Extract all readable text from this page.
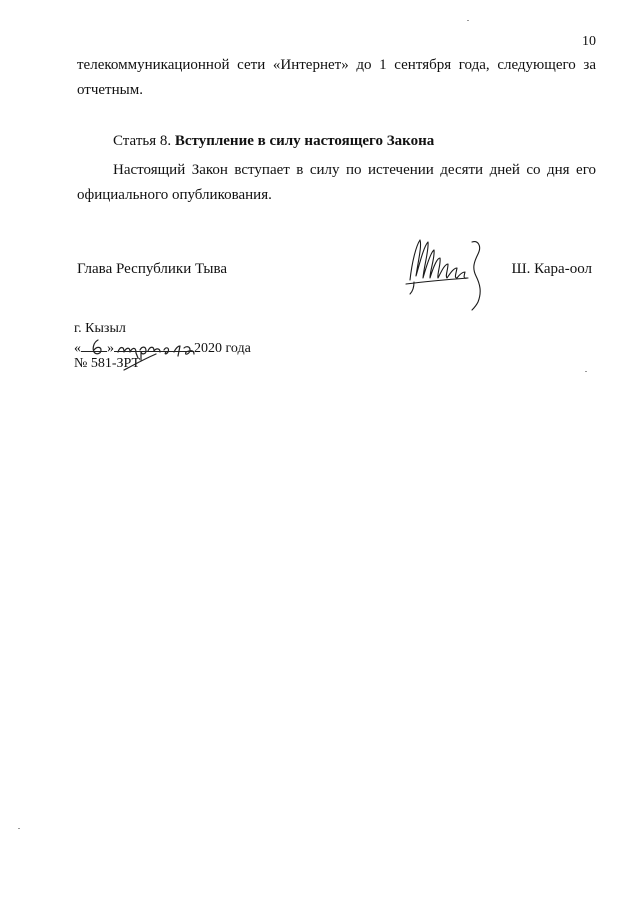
10

телекоммуникационной сети «Интернет» до 1 сентября года, следующего за отчетным.

Статья 8. Вступление в силу настоящего Закона

Настоящий Закон вступает в силу по истечении десяти дней со дня его официального опубликования.

Глава Республики Тыва	Ш. Кара-оол
г. Кызыл
« »	2020 года
№ 581-ЗРТ
